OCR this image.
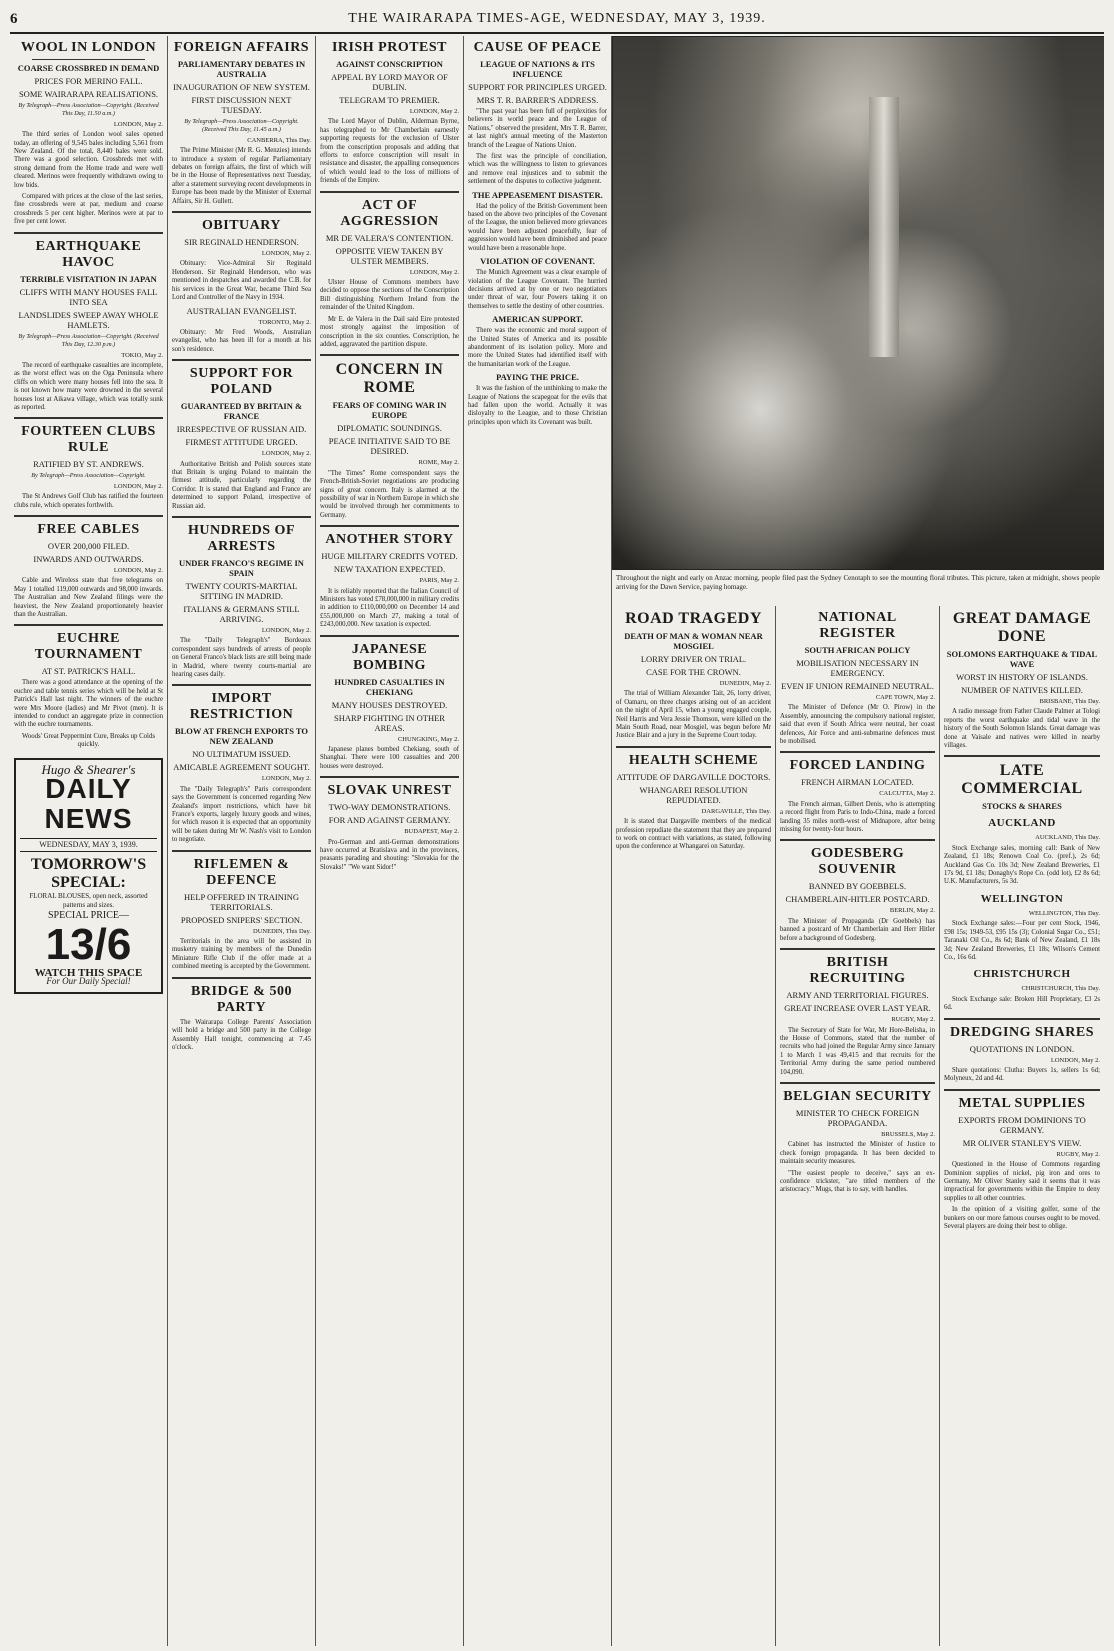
6	THE WAIRARAPA TIMES-AGE, WEDNESDAY, MAY 3, 1939.
WOOL IN LONDON
COARSE CROSSBRED IN DEMAND
PRICES FOR MERINO FALL.
SOME WAIRARAPA REALISATIONS.
By Telegraph—Press Association—Copyright. (Received This Day, 11.50 a.m.)
LONDON, May 2.

The third series of London wool sales opened today, an offering of 9,545 bales including 5,561 from New Zealand. Of the total, 8,440 bales were sold. There was a good selection. Crossbreds met with strong demand from the Home trade and were well cleared. Merinos were frequently withdrawn owing to low bids.

Compared with prices at the close of the last series, fine crossbreds were at par, medium and coarse crossbreds 5 per cent higher. Merinos were at par to five per cent lower.

EARTHQUAKE HAVOC
TERRIBLE VISITATION IN JAPAN
CLIFFS WITH MANY HOUSES FALL INTO SEA
LANDSLIDES SWEEP AWAY WHOLE HAMLETS.
By Telegraph—Press Association—Copyright. (Received This Day, 12.30 p.m.)
TOKIO, May 2.

The record of earthquake casualties are incomplete, as the worst effect was on the Oga Peninsula where cliffs on which were many houses fell into the sea. It is not known how many were drowned in the several houses lost at Aikawa village, which was totally sunk as reported.

FOURTEEN CLUBS RULE
RATIFIED BY ST. ANDREWS.
By Telegraph—Press Association—Copyright.
LONDON, May 2.

The St Andrews Golf Club has ratified the fourteen clubs rule, which operates forthwith.

FREE CABLES
OVER 200,000 FILED.
INWARDS AND OUTWARDS.
LONDON, May 2.

Cable and Wireless state that free telegrams on May 1 totalled 119,000 outwards and 98,000 inwards. The Australian and New Zealand filings were the heaviest, the New Zealand proportionately heavier than the Australian.

EUCHRE TOURNAMENT
AT ST. PATRICK'S HALL.

There was a good attendance at the opening of the euchre and table tennis series which will be held at St Patrick's Hall last night. The winners of the euchre were Mrs Moore (ladies) and Mr Pivot (men). It is intended to conduct an aggregate prize in connection with the euchre tournaments.

Woods' Great Peppermint Cure, Breaks up Colds quickly.

Hugo & Shearer's
DAILY NEWS
WEDNESDAY, MAY 3, 1939.
TOMORROW'S
SPECIAL:
FLORAL BLOUSES, open neck, assorted patterns and sizes.
SPECIAL PRICE—
13/6
WATCH THIS SPACE
For Our Daily Special!
FOREIGN AFFAIRS
PARLIAMENTARY DEBATES IN AUSTRALIA
INAUGURATION OF NEW SYSTEM.
FIRST DISCUSSION NEXT TUESDAY.
By Telegraph—Press Association—Copyright. (Received This Day, 11.45 a.m.)
CANBERRA, This Day.

The Prime Minister (Mr R. G. Menzies) intends to introduce a system of regular Parliamentary debates on foreign affairs, the first of which will be in the House of Representatives next Tuesday, after a statement surveying recent developments in Europe has been made by the Minister of External Affairs, Sir H. Gullett.

OBITUARY
SIR REGINALD HENDERSON.
LONDON, May 2.

Obituary: Vice-Admiral Sir Reginald Henderson. Sir Reginald Henderson, who was mentioned in despatches and awarded the C.B. for his services in the Great War, became Third Sea Lord and Controller of the Navy in 1934.

AUSTRALIAN EVANGELIST.
TORONTO, May 2.

Obituary: Mr Fred Woods, Australian evangelist, who has been ill for a month at his son's residence.

SUPPORT FOR POLAND
GUARANTEED BY BRITAIN & FRANCE
IRRESPECTIVE OF RUSSIAN AID.
FIRMEST ATTITUDE URGED.
LONDON, May 2.

Authoritative British and Polish sources state that Britain is urging Poland to maintain the firmest attitude, particularly regarding the Corridor. It is stated that England and France are determined to support Poland, irrespective of Russian aid.

HUNDREDS OF ARRESTS
UNDER FRANCO'S REGIME IN SPAIN
TWENTY COURTS-MARTIAL SITTING IN MADRID.
ITALIANS & GERMANS STILL ARRIVING.
LONDON, May 2.

The "Daily Telegraph's" Bordeaux correspondent says hundreds of arrests of people on General Franco's black lists are still being made in Madrid, where twenty courts-martial are hearing cases daily.

IMPORT RESTRICTION
BLOW AT FRENCH EXPORTS TO NEW ZEALAND
NO ULTIMATUM ISSUED.
AMICABLE AGREEMENT SOUGHT.
LONDON, May 2.

The "Daily Telegraph's" Paris correspondent says the Government is concerned regarding New Zealand's import restrictions, which have hit France's exports, largely luxury goods and wines, for which reason it is expected that an opportunity will be taken during Mr W. Nash's visit to London to negotiate.

RIFLEMEN & DEFENCE
HELP OFFERED IN TRAINING TERRITORIALS.
PROPOSED SNIPERS' SECTION.
DUNEDIN, This Day.

Territorials in the area will be assisted in musketry training by members of the Dunedin Miniature Rifle Club if the offer made at a combined meeting is accepted by the Government.

BRIDGE & 500 PARTY

The Wairarapa College Parents' Association will hold a bridge and 500 party in the College Assembly Hall tonight, commencing at 7.45 o'clock.

IRISH PROTEST
AGAINST CONSCRIPTION
APPEAL BY LORD MAYOR OF DUBLIN.
TELEGRAM TO PREMIER.
LONDON, May 2.

The Lord Mayor of Dublin, Alderman Byrne, has telegraphed to Mr Chamberlain earnestly supporting requests for the exclusion of Ulster from the conscription proposals and adding that efforts to enforce conscription will result in resistance and disaster, the appalling consequences of which would lead to the loss of millions of friends of the Empire.

ACT OF AGGRESSION
MR DE VALERA'S CONTENTION.
OPPOSITE VIEW TAKEN BY ULSTER MEMBERS.
LONDON, May 2.

Ulster House of Commons members have decided to oppose the sections of the Conscription Bill distinguishing Northern Ireland from the remainder of the United Kingdom.

Mr E. de Valera in the Dail said Eire protested most strongly against the imposition of conscription in the six counties. Conscription, he added, aggravated the partition dispute.

CONCERN IN ROME
FEARS OF COMING WAR IN EUROPE
DIPLOMATIC SOUNDINGS.
PEACE INITIATIVE SAID TO BE DESIRED.
ROME, May 2.

"The Times" Rome correspondent says the French-British-Soviet negotiations are producing signs of great concern. Italy is alarmed at the possibility of war in Northern Europe in which she would be involved through her commitments to Germany.

ANOTHER STORY
HUGE MILITARY CREDITS VOTED.
NEW TAXATION EXPECTED.
PARIS, May 2.

It is reliably reported that the Italian Council of Ministers has voted £78,000,000 in military credits in addition to £110,000,000 on December 14 and £55,000,000 on March 27, making a total of £243,000,000. New taxation is expected.

JAPANESE BOMBING
HUNDRED CASUALTIES IN CHEKIANG
MANY HOUSES DESTROYED.
SHARP FIGHTING IN OTHER AREAS.
CHUNGKING, May 2.

Japanese planes bombed Chekiang, south of Shanghai. There were 100 casualties and 200 houses were destroyed.

SLOVAK UNREST
TWO-WAY DEMONSTRATIONS.
FOR AND AGAINST GERMANY.
BUDAPEST, May 2.

Pro-German and anti-German demonstrations have occurred at Bratislava and in the provinces, peasants parading and shouting: "Slovakia for the Slovaks!" "We want Sidor!"

CAUSE OF PEACE
LEAGUE OF NATIONS & ITS INFLUENCE
SUPPORT FOR PRINCIPLES URGED.
MRS T. R. BARRER'S ADDRESS.

"The past year has been full of perplexities for believers in world peace and the League of Nations," observed the president, Mrs T. R. Barrer, at last night's annual meeting of the Masterton branch of the League of Nations Union.

The first was the principle of conciliation, which was the willingness to listen to grievances and remove real injustices and to submit the settlement of the disputes to collective judgment.

THE APPEASEMENT DISASTER.

Had the policy of the British Government been based on the above two principles of the Covenant of the League, the union believed more grievances would have been adjusted peacefully, fear of aggression would have been diminished and peace would have been a reasonable hope.

VIOLATION OF COVENANT.

The Munich Agreement was a clear example of violation of the League Covenant. The hurried decisions arrived at by one or two negotiators under threat of war, four Powers taking it on themselves to settle the destiny of other countries.

AMERICAN SUPPORT.

There was the economic and moral support of the United States of America and its possible abandonment of its isolation policy. More and more the United States had identified itself with the humanitarian work of the League.

PAYING THE PRICE.

It was the fashion of the unthinking to make the League of Nations the scapegoat for the evils that had fallen upon the world. Actually it was disloyalty to the League, and to those Christian principles upon which its Covenant was built.

Throughout the night and early on Anzac morning, people filed past the Sydney Cenotaph to see the mounting floral tributes. This picture, taken at midnight, shows people arriving for the Dawn Service, paying homage.
ROAD TRAGEDY
DEATH OF MAN & WOMAN NEAR MOSGIEL
LORRY DRIVER ON TRIAL.
CASE FOR THE CROWN.
DUNEDIN, May 2.

The trial of William Alexander Tait, 26, lorry driver, of Oamaru, on three charges arising out of an accident on the night of April 15, when a young engaged couple, Neil Harris and Vera Jessie Thomson, were killed on the Main South Road, near Mosgiel, was begun before Mr Justice Blair and a jury in the Supreme Court today.

HEALTH SCHEME
ATTITUDE OF DARGAVILLE DOCTORS.
WHANGAREI RESOLUTION REPUDIATED.
DARGAVILLE, This Day.

It is stated that Dargaville members of the medical profession repudiate the statement that they are prepared to work on contract with variations, as stated, following upon the conference at Whangarei on Saturday.

NATIONAL REGISTER
SOUTH AFRICAN POLICY
MOBILISATION NECESSARY IN EMERGENCY.
EVEN IF UNION REMAINED NEUTRAL.
CAPE TOWN, May 2.

The Minister of Defence (Mr O. Pirow) in the Assembly, announcing the compulsory national register, said that even if South Africa were neutral, her coast defences, Air Force and anti-submarine defences must be mobilised.

FORCED LANDING
FRENCH AIRMAN LOCATED.
CALCUTTA, May 2.

The French airman, Gilbert Denis, who is attempting a record flight from Paris to Indo-China, made a forced landing 35 miles north-west of Midnapore, after being missing for twenty-four hours.

GODESBERG SOUVENIR
BANNED BY GOEBBELS.
CHAMBERLAIN-HITLER POSTCARD.
BERLIN, May 2.

The Minister of Propaganda (Dr Goebbels) has banned a postcard of Mr Chamberlain and Herr Hitler before a background of Godesberg.

BRITISH RECRUITING
ARMY AND TERRITORIAL FIGURES.
GREAT INCREASE OVER LAST YEAR.
RUGBY, May 2.

The Secretary of State for War, Mr Hore-Belisha, in the House of Commons, stated that the number of recruits who had joined the Regular Army since January 1 to March 1 was 49,415 and that recruits for the Territorial Army during the same period numbered 104,090.

BELGIAN SECURITY
MINISTER TO CHECK FOREIGN PROPAGANDA.
BRUSSELS, May 2.

Cabinet has instructed the Minister of Justice to check foreign propaganda. It has been decided to maintain security measures.

"The easiest people to deceive," says an ex-confidence trickster, "are titled members of the aristocracy." Mugs, that is to say, with handles.

GREAT DAMAGE DONE
SOLOMONS EARTHQUAKE & TIDAL WAVE
WORST IN HISTORY OF ISLANDS.
NUMBER OF NATIVES KILLED.
BRISBANE, This Day.

A radio message from Father Claude Palmer at Tologi reports the worst earthquake and tidal wave in the history of the South Solomon Islands. Great damage was done at Vaisale and natives were killed in nearby villages.

LATE COMMERCIAL
STOCKS & SHARES
AUCKLAND
AUCKLAND, This Day.

Stock Exchange sales, morning call: Bank of New Zealand, £1 18s; Renown Coal Co. (pref.), 2s 6d; Auckland Gas Co. 10s 3d; New Zealand Breweries, £1 17s 9d, £1 18s; Donaghy's Rope Co. (odd lot), £2 8s 6d; U.K. Manufacturers, 5s 3d.

WELLINGTON
WELLINGTON, This Day.

Stock Exchange sales:—Four per cent Stock, 1946, £98 15s; 1949-53, £95 15s (3); Colonial Sugar Co., £51; Taranaki Oil Co., 8s 6d; Bank of New Zealand, £1 18s 3d; New Zealand Breweries, £1 18s; Wilson's Cement Co., 16s 6d.

CHRISTCHURCH
CHRISTCHURCH, This Day.

Stock Exchange sale: Broken Hill Proprietary, £3 2s 6d.

DREDGING SHARES
QUOTATIONS IN LONDON.
LONDON, May 2.

Share quotations: Clutha: Buyers 1s, sellers 1s 6d; Molyneux, 2d and 4d.

METAL SUPPLIES
EXPORTS FROM DOMINIONS TO GERMANY.
MR OLIVER STANLEY'S VIEW.
RUGBY, May 2.

Questioned in the House of Commons regarding Dominion supplies of nickel, pig iron and ores to Germany, Mr Oliver Stanley said it seems that it was impractical for governments within the Empire to deny supplies to all other countries.

In the opinion of a visiting golfer, some of the bunkers on our more famous courses ought to be moved. Several players are doing their best to oblige.
